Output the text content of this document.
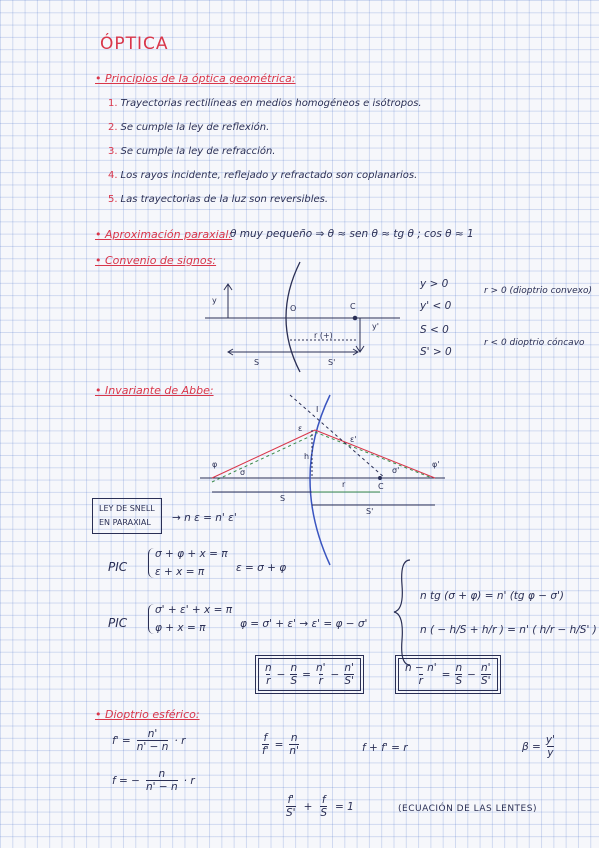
ÓPTICA
• Principios de la óptica geométrica:
1. Trayectorias rectilíneas en medios homogéneos e isótropos.
2. Se cumple la ley de reflexión.
3. Se cumple la ley de refracción.
4. Los rayos incidente, reflejado y refractado son coplanarios.
5. Las trayectorias de la luz son reversibles.
• Aproximación paraxial:
θ muy pequeño ⇒ θ ≈ sen θ ≈ tg θ ; cos θ ≈ 1
• Convenio de signos:
y
O	C
r (+)
y'
S	S'
y > 0
y' < 0
S < 0
S' > 0
r > 0 (dioptrio convexo)
r < 0 dioptrio cóncavo
• Invariante de Abbe:
I
ε
ε'
φ	φ'
σ	σ'
h
C
S
r
S'
LEY DE SNELL
EN PARAXIAL	→ n ε = n' ε'
PIC
σ + φ + x = π
ε + x = π	ε = σ + φ
PIC
σ' + ε' + x = π
φ + x = π	φ = σ' + ε' → ε' = φ − σ'
n tg (σ + φ) = n' (tg φ − σ')
n ( − h/S + h/r ) = n' ( h/r − h/S' )
n
r
− $\frac{n}{S} = \frac{n'}{r} - \frac{n'}{S'}$	$\frac{n - n'}{r} = \frac{n}{S} - \frac{n'}{S'}$
• Dioptrio esférico:
$f' = \frac{n'}{n' - n} \cdot r$
f = − $\frac{n}{n' - n} \cdot r$
$\frac{f}{f'} = \frac{n}{n'}$	f + f' = r	$\beta = \frac{y'}{y}$
f'
S'
+ $\frac{f}{S} = 1$	(ECUACIÓN DE LAS LENTES)
